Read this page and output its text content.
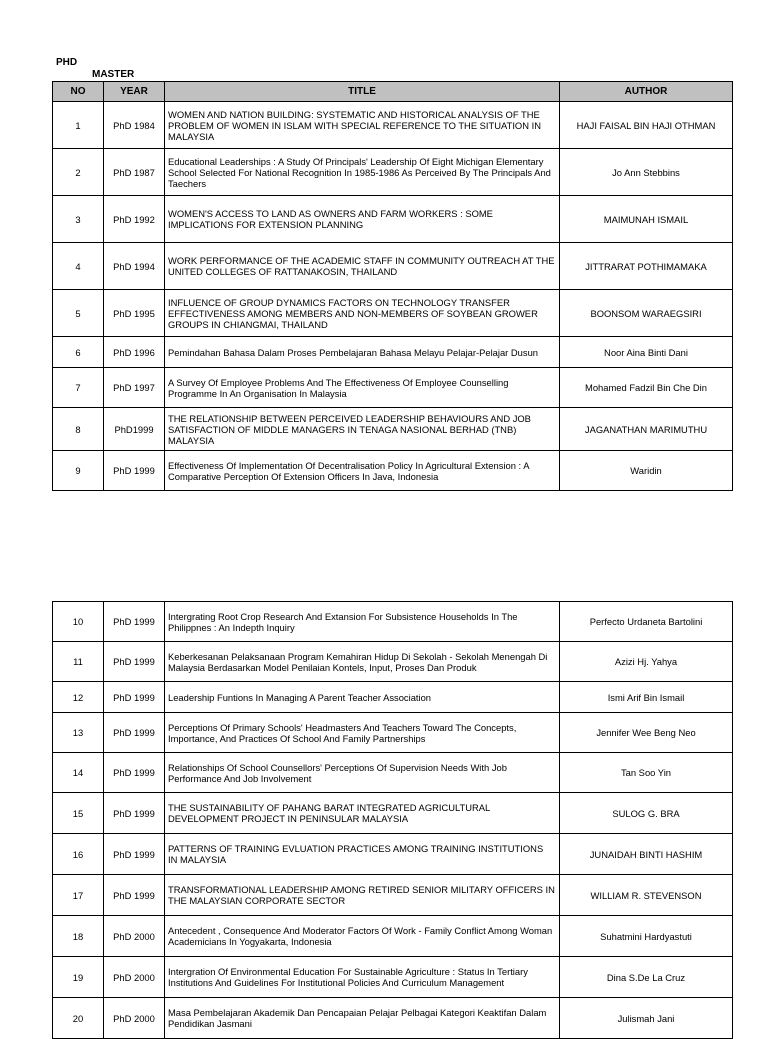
PHD
MASTER
NO	YEAR	TITLE	AUTHOR
1	PhD 1984	WOMEN AND NATION BUILDING: SYSTEMATIC AND HISTORICAL ANALYSIS OF THE PROBLEM OF WOMEN IN ISLAM WITH SPECIAL REFERENCE TO THE SITUATION IN MALAYSIA	HAJI FAISAL BIN HAJI OTHMAN
2	PhD 1987	Educational Leaderships : A Study Of Principals' Leadership Of Eight Michigan Elementary School Selected For National Recognition In 1985-1986 As Perceived By The Principals And Taechers	Jo Ann Stebbins
3	PhD 1992	WOMEN'S ACCESS TO LAND AS OWNERS AND FARM WORKERS : SOME IMPLICATIONS FOR EXTENSION PLANNING	MAIMUNAH ISMAIL
4	PhD 1994	WORK PERFORMANCE OF THE ACADEMIC STAFF IN COMMUNITY OUTREACH AT THE UNITED COLLEGES OF RATTANAKOSIN, THAILAND	JITTRARAT POTHIMAMAKA
5	PhD 1995	INFLUENCE OF GROUP DYNAMICS FACTORS ON TECHNOLOGY TRANSFER EFFECTIVENESS AMONG MEMBERS AND NON-MEMBERS OF SOYBEAN GROWER GROUPS IN CHIANGMAI, THAILAND	BOONSOM WARAEGSIRI
6	PhD 1996	Pemindahan Bahasa Dalam Proses Pembelajaran Bahasa Melayu Pelajar-Pelajar Dusun	Noor Aina Binti Dani
7	PhD 1997	A Survey Of Employee Problems And The Effectiveness Of Employee Counselling Programme In An Organisation In Malaysia	Mohamed Fadzil Bin Che Din
8	PhD1999	THE RELATIONSHIP BETWEEN PERCEIVED LEADERSHIP BEHAVIOURS AND JOB SATISFACTION OF MIDDLE MANAGERS IN TENAGA NASIONAL BERHAD (TNB) MALAYSIA	JAGANATHAN MARIMUTHU
9	PhD 1999	Effectiveness Of Implementation Of Decentralisation Policy In Agricultural Extension : A Comparative Perception Of Extension Officers In Java, Indonesia	Waridin
10	PhD 1999	Intergrating Root Crop Research And Extansion For Subsistence Households In The Philippnes : An Indepth Inquiry	Perfecto Urdaneta Bartolini
11	PhD 1999	Keberkesanan Pelaksanaan Program Kemahiran Hidup Di Sekolah - Sekolah Menengah Di Malaysia Berdasarkan Model Penilaian Kontels, Input, Proses Dan Produk	Azizi Hj. Yahya
12	PhD 1999	Leadership Funtions In Managing A Parent Teacher Association	Ismi Arif Bin Ismail
13	PhD 1999	Perceptions Of Primary Schools' Headmasters And Teachers Toward The Concepts, Importance, And Practices Of School And Family Partnerships	Jennifer Wee Beng Neo
14	PhD 1999	Relationships Of School Counsellors' Perceptions Of Supervision Needs With Job Performance And Job Involvement	Tan Soo Yin
15	PhD 1999	THE SUSTAINABILITY OF PAHANG BARAT INTEGRATED AGRICULTURAL DEVELOPMENT PROJECT IN PENINSULAR MALAYSIA	SULOG G. BRA
16	PhD 1999	PATTERNS OF TRAINING EVLUATION PRACTICES AMONG TRAINING INSTITUTIONS IN MALAYSIA	JUNAIDAH BINTI HASHIM
17	PhD 1999	TRANSFORMATIONAL LEADERSHIP AMONG RETIRED SENIOR MILITARY OFFICERS IN THE MALAYSIAN CORPORATE SECTOR	WILLIAM R. STEVENSON
18	PhD 2000	Antecedent , Consequence And Moderator Factors Of Work - Family Conflict Among Woman Academicians In Yogyakarta, Indonesia	Suhatmini Hardyastuti
19	PhD 2000	Intergration Of Environmental Education For Sustainable Agriculture : Status In Tertiary Institutions And Guidelines For Institutional Policies And Curriculum Management	Dina S.De La Cruz
20	PhD 2000	Masa Pembelajaran Akademik Dan Pencapaian Pelajar Pelbagai Kategori Keaktifan Dalam Pendidikan Jasmani	Julismah Jani
